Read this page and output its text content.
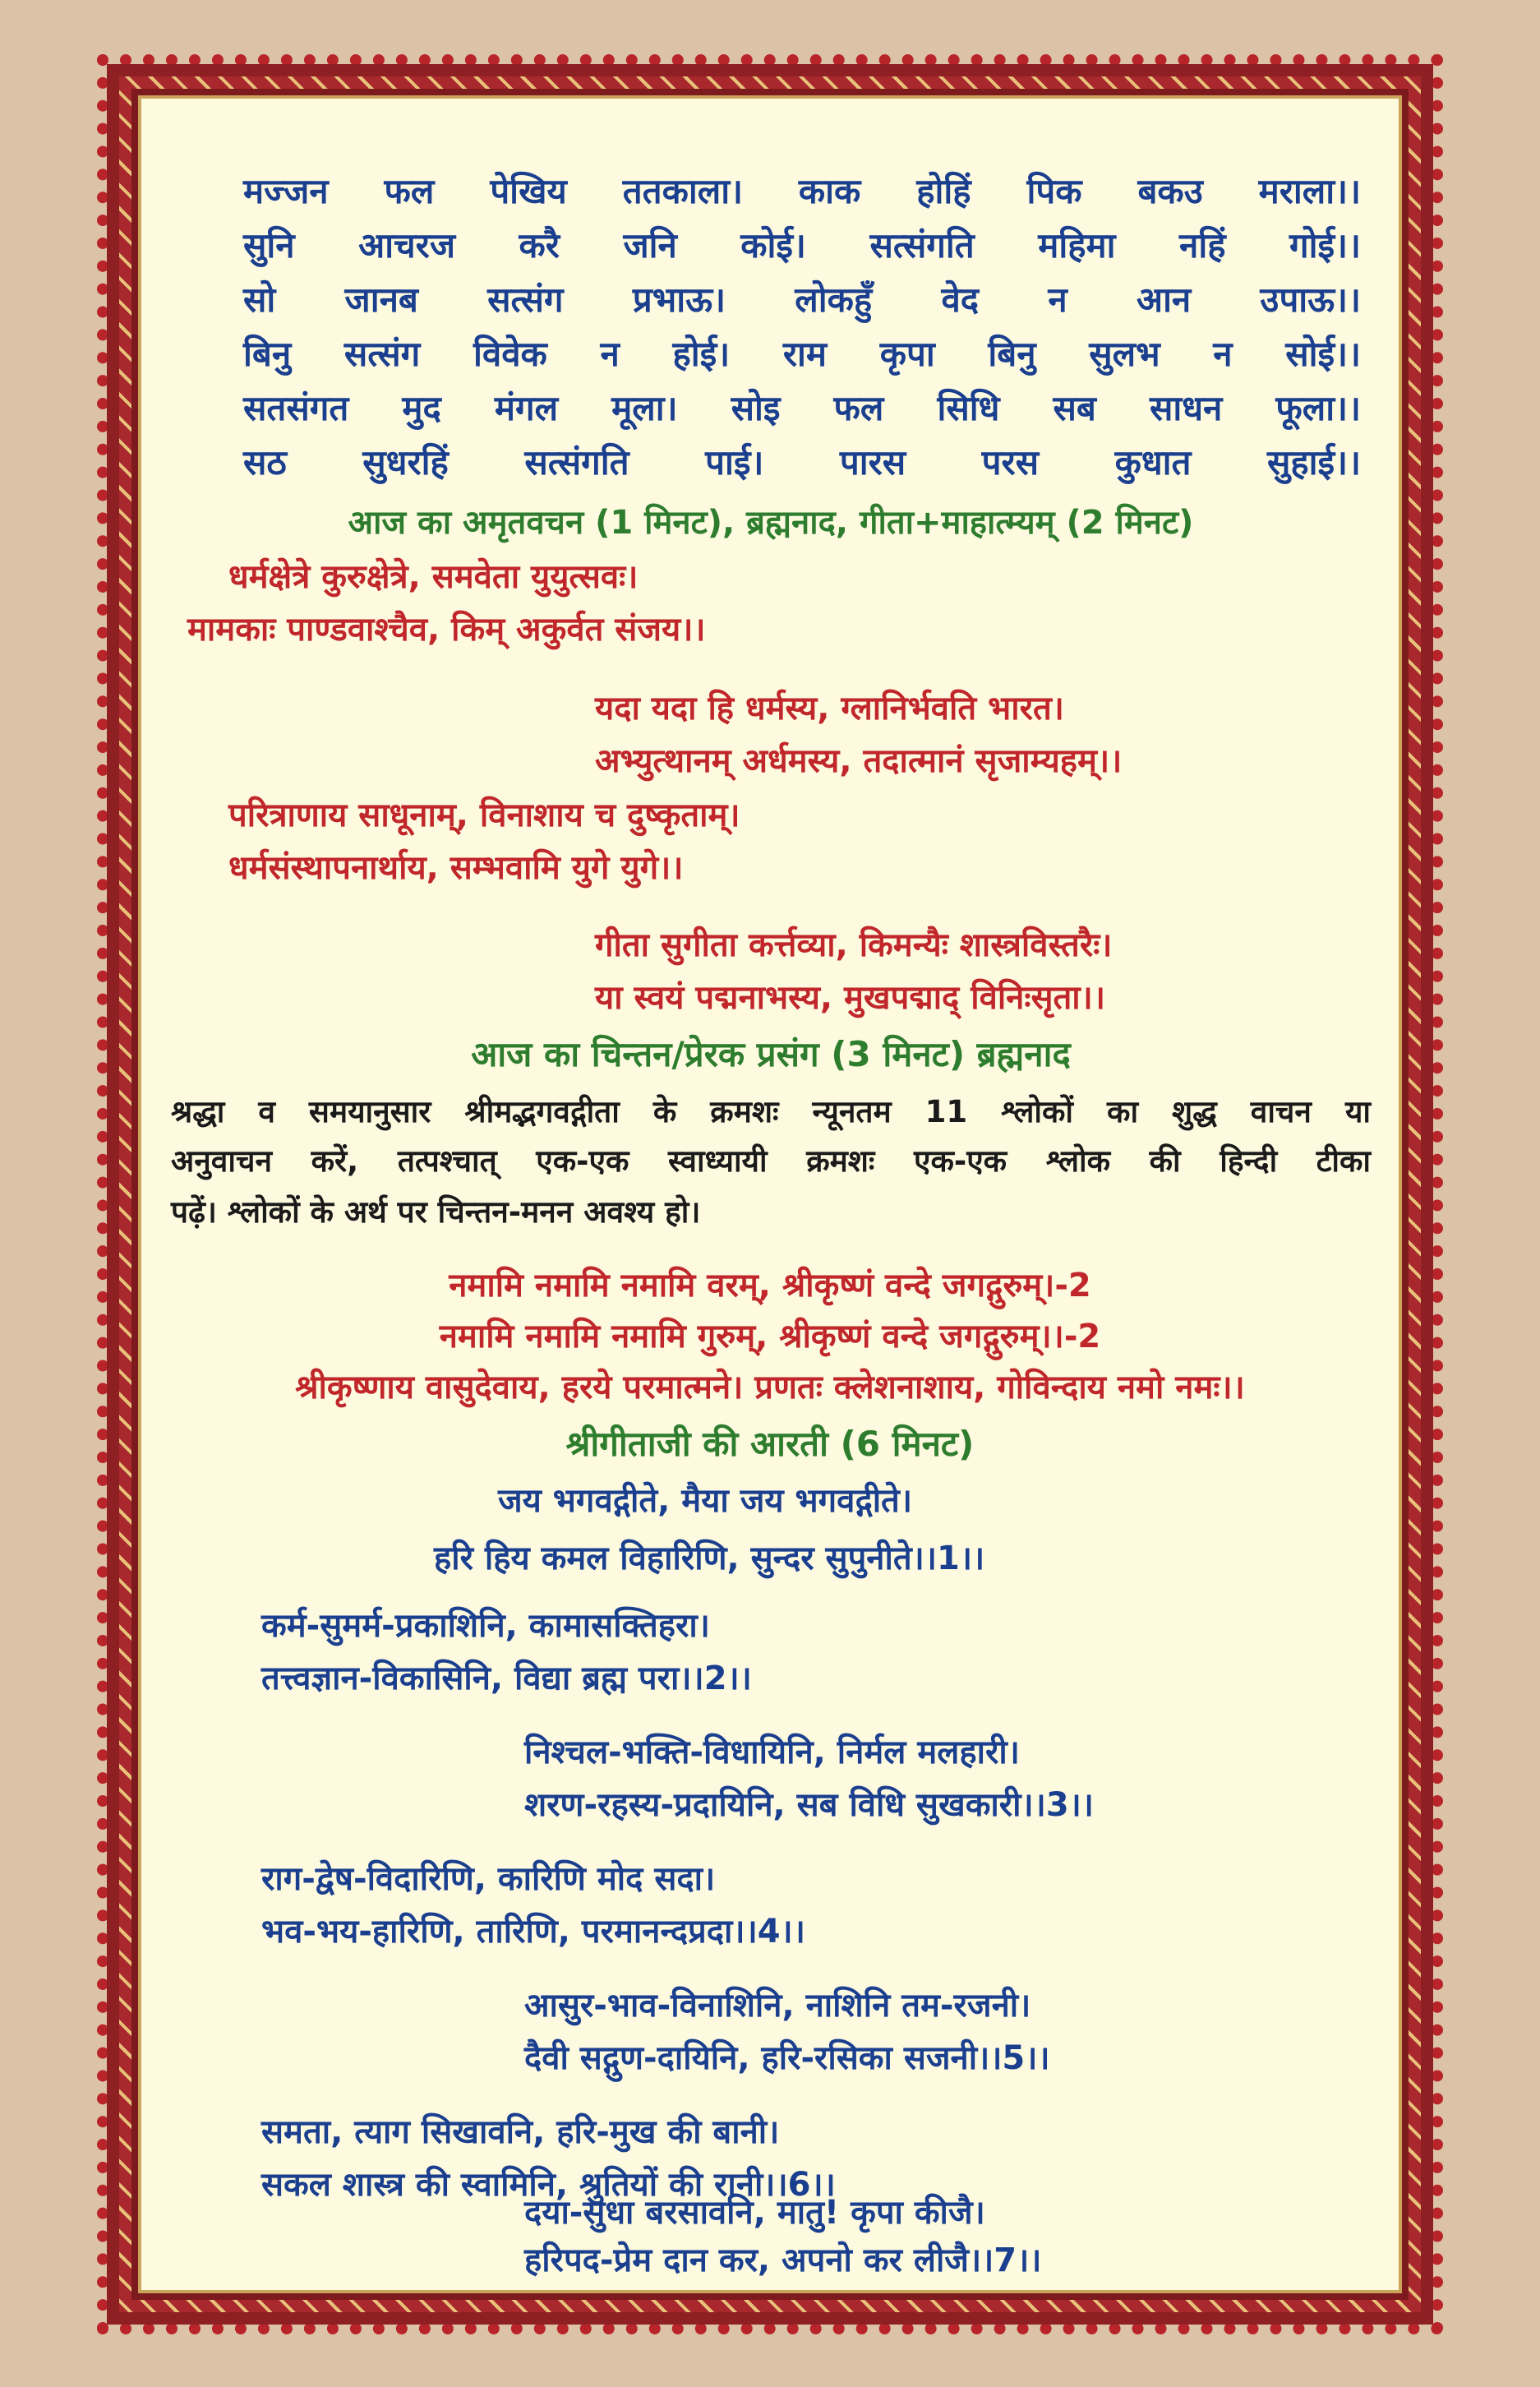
मज्जन फल पेखिय ततकाला। काक होहिं पिक बकउ मराला।।
सुनि आचरज करै जनि कोई। सत्संगति महिमा नहिं गोई।।
सो जानब सत्संग प्रभाऊ। लोकहुँ वेद न आन उपाऊ।।
बिनु सत्संग विवेक न होई। राम कृपा बिनु सुलभ न सोई।।
सतसंगत मुद मंगल मूला। सोइ फल सिधि सब साधन फूला।।
सठ सुधरहिं सत्संगति पाई। पारस परस कुधात सुहाई।।
आज का अमृतवचन (1 मिनट), ब्रह्मनाद, गीता+माहात्म्यम् (2 मिनट)
धर्मक्षेत्रे कुरुक्षेत्रे, समवेता युयुत्सवः।
मामकाः पाण्डवाश्चैव, किम् अकुर्वत संजय।।
यदा यदा हि धर्मस्य, ग्लानिर्भवति भारत।
अभ्युत्थानम् अर्धमस्य, तदात्मानं सृजाम्यहम्।।
परित्राणाय साधूनाम्, विनाशाय च दुष्कृताम्।
धर्मसंस्थापनार्थाय, सम्भवामि युगे युगे।।
गीता सुगीता कर्त्तव्या, किमन्यैः शास्त्रविस्तरैः।
या स्वयं पद्मनाभस्य, मुखपद्माद् विनिःसृता।।
आज का चिन्तन/प्रेरक प्रसंग (3 मिनट) ब्रह्मनाद
श्रद्धा व समयानुसार श्रीमद्भगवद्गीता के क्रमशः न्यूनतम 11 श्लोकों का शुद्ध वाचन या
अनुवाचन करें, तत्पश्चात् एक-एक स्वाध्यायी क्रमशः एक-एक श्लोक की हिन्दी टीका
पढ़ें। श्लोकों के अर्थ पर चिन्तन-मनन अवश्य हो।
नमामि नमामि नमामि वरम्, श्रीकृष्णं वन्दे जगद्गुरुम्।-2
नमामि नमामि नमामि गुरुम्, श्रीकृष्णं वन्दे जगद्गुरुम्।।-2
श्रीकृष्णाय वासुदेवाय, हरये परमात्मने। प्रणतः क्लेशनाशाय, गोविन्दाय नमो नमः।।
श्रीगीताजी की आरती (6 मिनट)
जय भगवद्गीते, मैया जय भगवद्गीते।
हरि हिय कमल विहारिणि, सुन्दर सुपुनीते।।1।।
कर्म-सुमर्म-प्रकाशिनि, कामासक्तिहरा।
तत्त्वज्ञान-विकासिनि, विद्या ब्रह्म परा।।2।।
निश्चल-भक्ति-विधायिनि, निर्मल मलहारी।
शरण-रहस्य-प्रदायिनि, सब विधि सुखकारी।।3।।
राग-द्वेष-विदारिणि, कारिणि मोद सदा।
भव-भय-हारिणि, तारिणि, परमानन्दप्रदा।।4।।
आसुर-भाव-विनाशिनि, नाशिनि तम-रजनी।
दैवी सद्गुण-दायिनि, हरि-रसिका सजनी।।5।।
समता, त्याग सिखावनि, हरि-मुख की बानी।
सकल शास्त्र की स्वामिनि, श्रुतियों की रानी।।6।।
दया-सुधा बरसावनि, मातु! कृपा कीजै।
हरिपद-प्रेम दान कर, अपनो कर लीजै।।7।।
